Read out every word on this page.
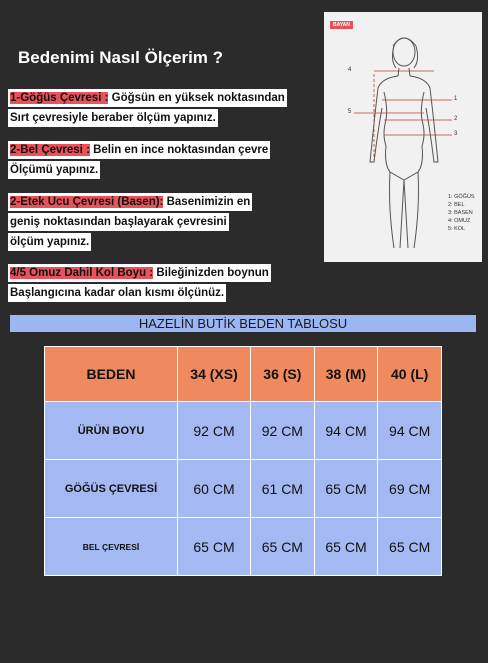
Bedenimi Nasıl Ölçerim ?
1-Göğüs Çevresi : Göğsün en yüksek noktasından
Sırt çevresiyle beraber ölçüm yapınız.
2-Bel Çevresi : Belin en ince noktasından çevre
Ölçümü yapınız.
2-Etek Ucu Çevresi (Basen): Basenimizin en
geniş noktasından başlayarak çevresini
ölçüm yapınız.
4/5 Omuz Dahil Kol Boyu : Bileğinizden boynun
Başlangıcına kadar olan kısmı ölçünüz.
BAYAN
4
1
5
2
3
1: GÖĞÜS
2: BEL
3: BASEN
4: OMUZ
5: KOL
HAZELİN BUTİK BEDEN TABLOSU
BEDEN	34 (XS)	36 (S)	38 (M)	40 (L)
ÜRÜN BOYU	92 CM	92 CM	94 CM	94 CM
GÖĞÜS ÇEVRESİ	60 CM	61 CM	65 CM	69 CM
BEL ÇEVRESİ	65 CM	65 CM	65 CM	65 CM
